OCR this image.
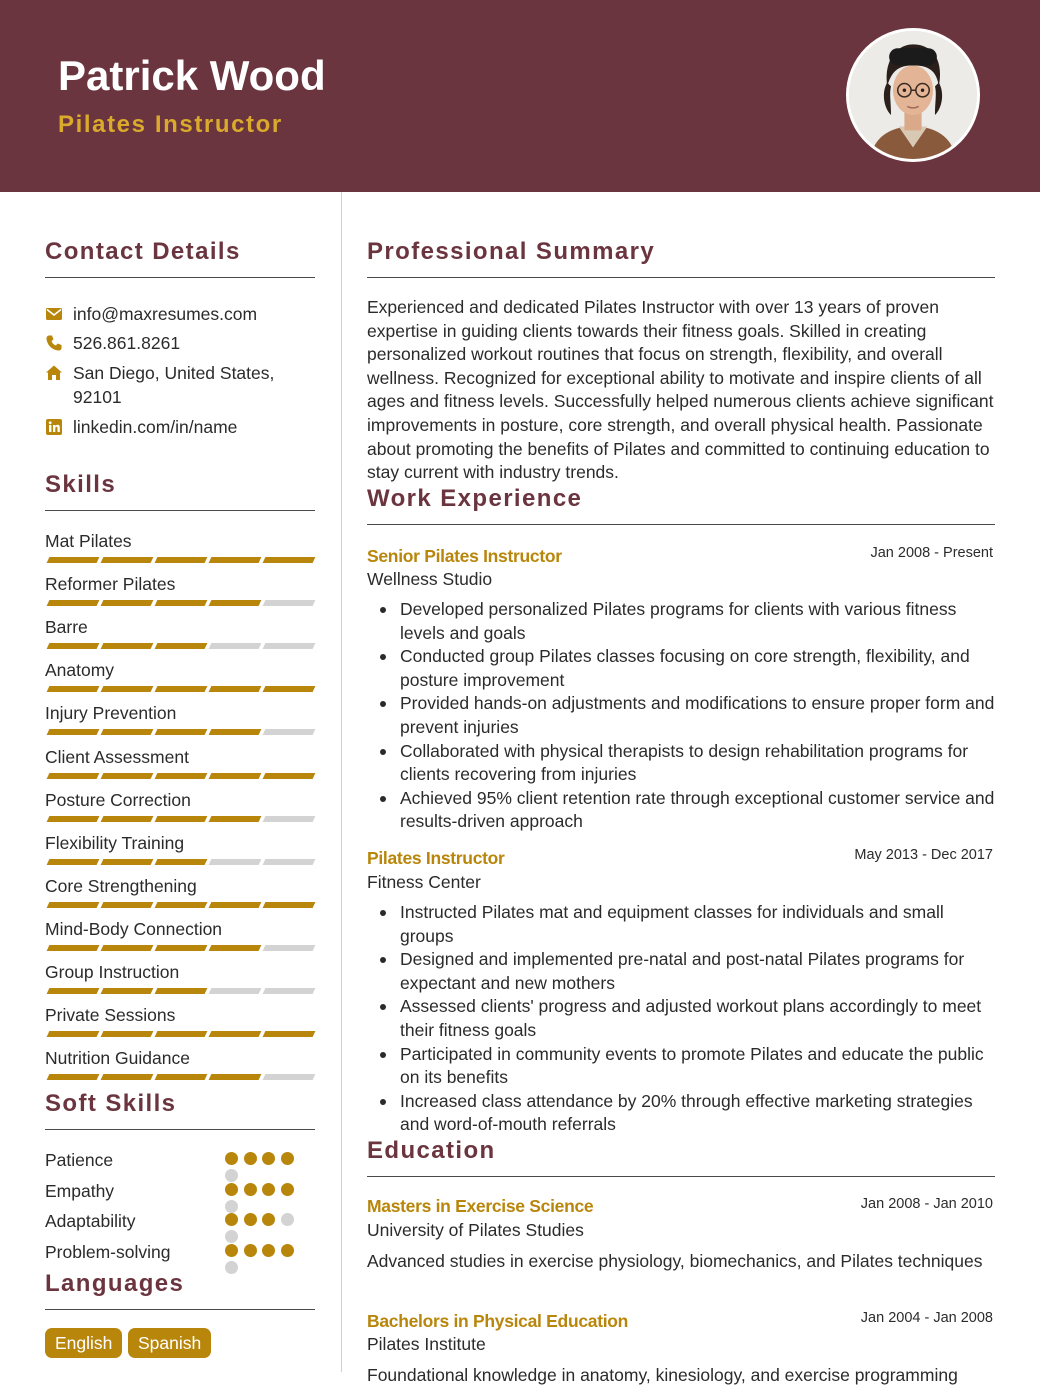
Patrick Wood
Pilates Instructor
Contact Details
info@maxresumes.com
526.861.8261
San Diego, United States, 92101
linkedin.com/in/name
Skills
Mat Pilates
Reformer Pilates
Barre
Anatomy
Injury Prevention
Client Assessment
Posture Correction
Flexibility Training
Core Strengthening
Mind-Body Connection
Group Instruction
Private Sessions
Nutrition Guidance
Soft Skills
Patience
Empathy
Adaptability
Problem-solving
Languages
English	Spanish
Professional Summary

Experienced and dedicated Pilates Instructor with over 13 years of proven expertise in guiding clients towards their fitness goals. Skilled in creating personalized workout routines that focus on strength, flexibility, and overall wellness. Recognized for exceptional ability to motivate and inspire clients of all ages and fitness levels. Successfully helped numerous clients achieve significant improvements in posture, core strength, and overall physical health. Passionate about promoting the benefits of Pilates and committed to continuing education to stay current with industry trends.

Work Experience
Senior Pilates Instructor	Jan 2008 - Present
Wellness Studio
Developed personalized Pilates programs for clients with various fitness levels and goals
Conducted group Pilates classes focusing on core strength, flexibility, and posture improvement
Provided hands-on adjustments and modifications to ensure proper form and prevent injuries
Collaborated with physical therapists to design rehabilitation programs for clients recovering from injuries
Achieved 95% client retention rate through exceptional customer service and results-driven approach
Pilates Instructor	May 2013 - Dec 2017
Fitness Center
Instructed Pilates mat and equipment classes for individuals and small groups
Designed and implemented pre-natal and post-natal Pilates programs for expectant and new mothers
Assessed clients' progress and adjusted workout plans accordingly to meet their fitness goals
Participated in community events to promote Pilates and educate the public on its benefits
Increased class attendance by 20% through effective marketing strategies and word-of-mouth referrals
Education
Masters in Exercise Science	Jan 2008 - Jan 2010
University of Pilates Studies

Advanced studies in exercise physiology, biomechanics, and Pilates techniques

Bachelors in Physical Education	Jan 2004 - Jan 2008
Pilates Institute

Foundational knowledge in anatomy, kinesiology, and exercise programming
